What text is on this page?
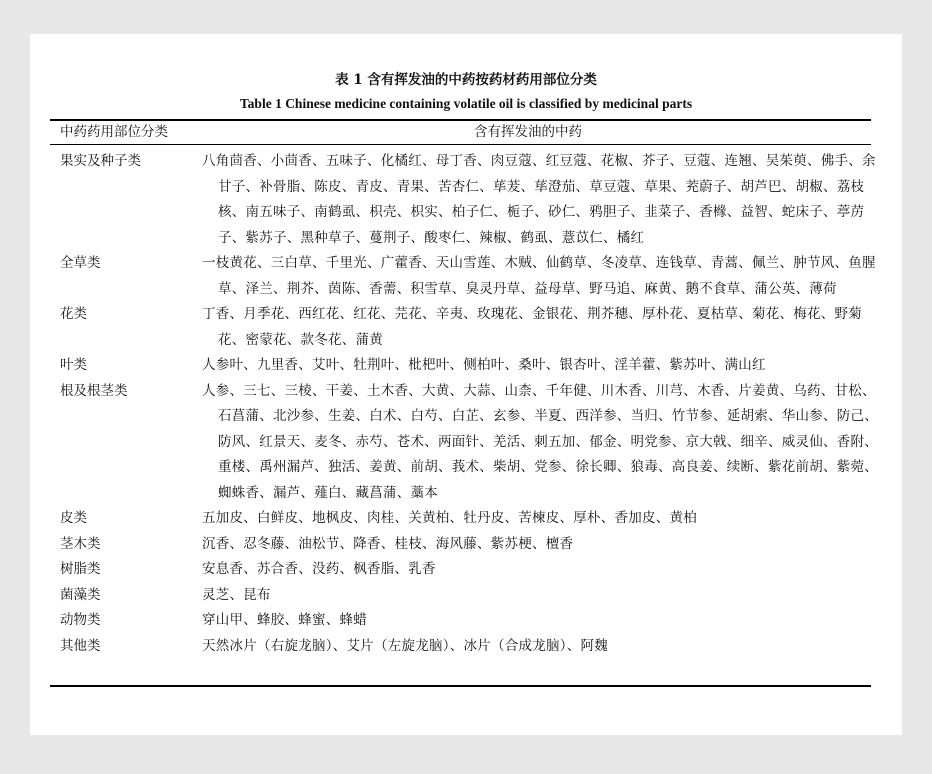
表 1 含有挥发油的中药按药材药用部位分类
Table 1 Chinese medicine containing volatile oil is classified by medicinal parts
中药药用部位分类	含有挥发油的中药
果实及种子类	八角茴香、小茴香、五味子、化橘红、母丁香、肉豆蔻、红豆蔻、花椒、芥子、豆蔻、连翘、吴茱萸、佛手、余甘子、补骨脂、陈皮、青皮、青果、苦杏仁、荜茇、荜澄茄、草豆蔻、草果、茺蔚子、胡芦巴、胡椒、荔枝核、南五味子、南鹤虱、枳壳、枳实、柏子仁、栀子、砂仁、鸦胆子、韭菜子、香橼、益智、蛇床子、葶苈子、紫苏子、黑种草子、蔓荆子、酸枣仁、辣椒、鹤虱、薏苡仁、橘红
全草类	一枝黄花、三白草、千里光、广藿香、天山雪莲、木贼、仙鹤草、冬凌草、连钱草、青蒿、佩兰、肿节风、鱼腥草、泽兰、荆芥、茵陈、香薷、积雪草、臭灵丹草、益母草、野马追、麻黄、鹅不食草、蒲公英、薄荷
花类	丁香、月季花、西红花、红花、芫花、辛夷、玫瑰花、金银花、荆芥穗、厚朴花、夏枯草、菊花、梅花、野菊花、密蒙花、款冬花、蒲黄
叶类	人参叶、九里香、艾叶、牡荆叶、枇杷叶、侧柏叶、桑叶、银杏叶、淫羊藿、紫苏叶、满山红
根及根茎类	人参、三七、三棱、干姜、土木香、大黄、大蒜、山柰、千年健、川木香、川芎、木香、片姜黄、乌药、甘松、石菖蒲、北沙参、生姜、白术、白芍、白芷、玄参、半夏、西洋参、当归、竹节参、延胡索、华山参、防己、防风、红景天、麦冬、赤芍、苍术、两面针、羌活、刺五加、郁金、明党参、京大戟、细辛、威灵仙、香附、重楼、禹州漏芦、独活、姜黄、前胡、莪术、柴胡、党参、徐长卿、狼毒、高良姜、续断、紫花前胡、紫菀、蜘蛛香、漏芦、薤白、藏菖蒲、藁本
皮类	五加皮、白鲜皮、地枫皮、肉桂、关黄柏、牡丹皮、苦楝皮、厚朴、香加皮、黄柏
茎木类	沉香、忍冬藤、油松节、降香、桂枝、海风藤、紫苏梗、檀香
树脂类	安息香、苏合香、没药、枫香脂、乳香
菌藻类	灵芝、昆布
动物类	穿山甲、蜂胶、蜂蜜、蜂蜡
其他类	天然冰片（右旋龙脑）、艾片（左旋龙脑）、冰片（合成龙脑）、阿魏
